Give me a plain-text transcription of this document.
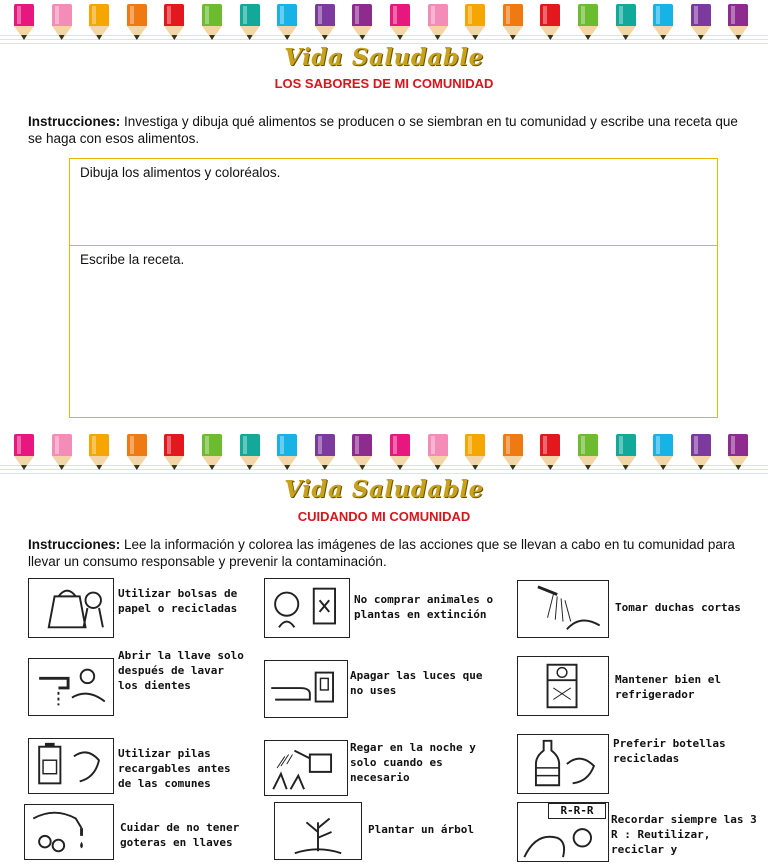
Vida Saludable
LOS SABORES DE MI COMUNIDAD
Instrucciones: Investiga y dibuja qué alimentos se producen o se siembran en tu comunidad y escribe una receta que se haga con esos alimentos.
Dibuja los alimentos y coloréalos.
Escribe la receta.
Vida Saludable
CUIDANDO MI COMUNIDAD
Instrucciones: Lee la información y colorea las imágenes de las acciones que se llevan a cabo en tu comunidad para llevar un consumo responsable y prevenir la contaminación.
Utilizar bolsas de papel o recicladas
Abrir la llave solo después de lavar los dientes
Utilizar pilas recargables antes de las comunes
Cuidar de no tener goteras en llaves
No comprar animales o plantas en extinción
Apagar las luces que no uses
Regar en la noche y solo cuando es necesario
Plantar un árbol
Tomar duchas cortas
Mantener bien el refrigerador
Preferir botellas recicladas
R-R-R
Recordar siempre las 3 R : Reutilizar, reciclar y
